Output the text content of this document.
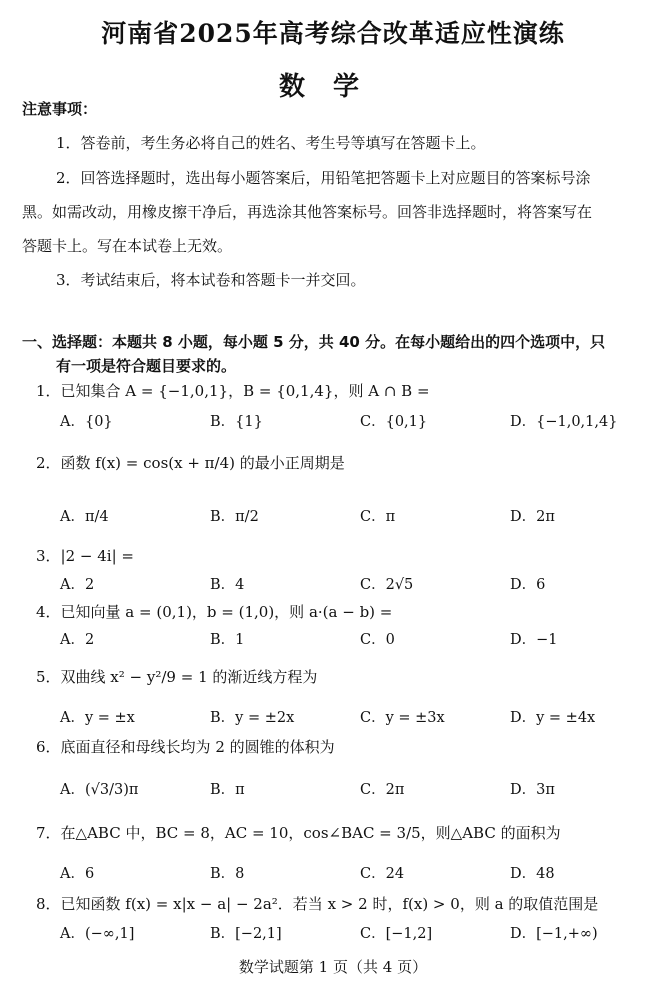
河南省2025年高考综合改革适应性演练
数学
注意事项：
1．答卷前，考生务必将自己的姓名、考生号等填写在答题卡上。
2．回答选择题时，选出每小题答案后，用铅笔把答题卡上对应题目的答案标号涂
黑。如需改动，用橡皮擦干净后，再选涂其他答案标号。回答非选择题时，将答案写在
答题卡上。写在本试卷上无效。
3．考试结束后，将本试卷和答题卡一并交回。
一、选择题：本题共 8 小题，每小题 5 分，共 40 分。在每小题给出的四个选项中，只
有一项是符合题目要求的。
1．已知集合 A = {−1,0,1}，B = {0,1,4}，则 A ∩ B =
A．{0}	B．{1}	C．{0,1}	D．{−1,0,1,4}
2．函数 f(x) = cos(x + π/4) 的最小正周期是
A．π/4	B．π/2	C．π	D．2π
3．|2 − 4i| =
A．2	B．4	C．2√5	D．6
4．已知向量 a = (0,1)，b = (1,0)，则 a·(a − b) =
A．2	B．1	C．0	D．−1
5．双曲线 x² − y²/9 = 1 的渐近线方程为
A．y = ±x	B．y = ±2x	C．y = ±3x	D．y = ±4x
6．底面直径和母线长均为 2 的圆锥的体积为
A．(√3/3)π	B．π	C．2π	D．3π
7．在△ABC 中，BC = 8，AC = 10，cos∠BAC = 3/5，则△ABC 的面积为
A．6	B．8	C．24	D．48
8．已知函数 f(x) = x|x − a| − 2a²．若当 x > 2 时，f(x) > 0，则 a 的取值范围是
A．(−∞,1]	B．[−2,1]	C．[−1,2]	D．[−1,+∞)
数学试题第 1 页（共 4 页）
